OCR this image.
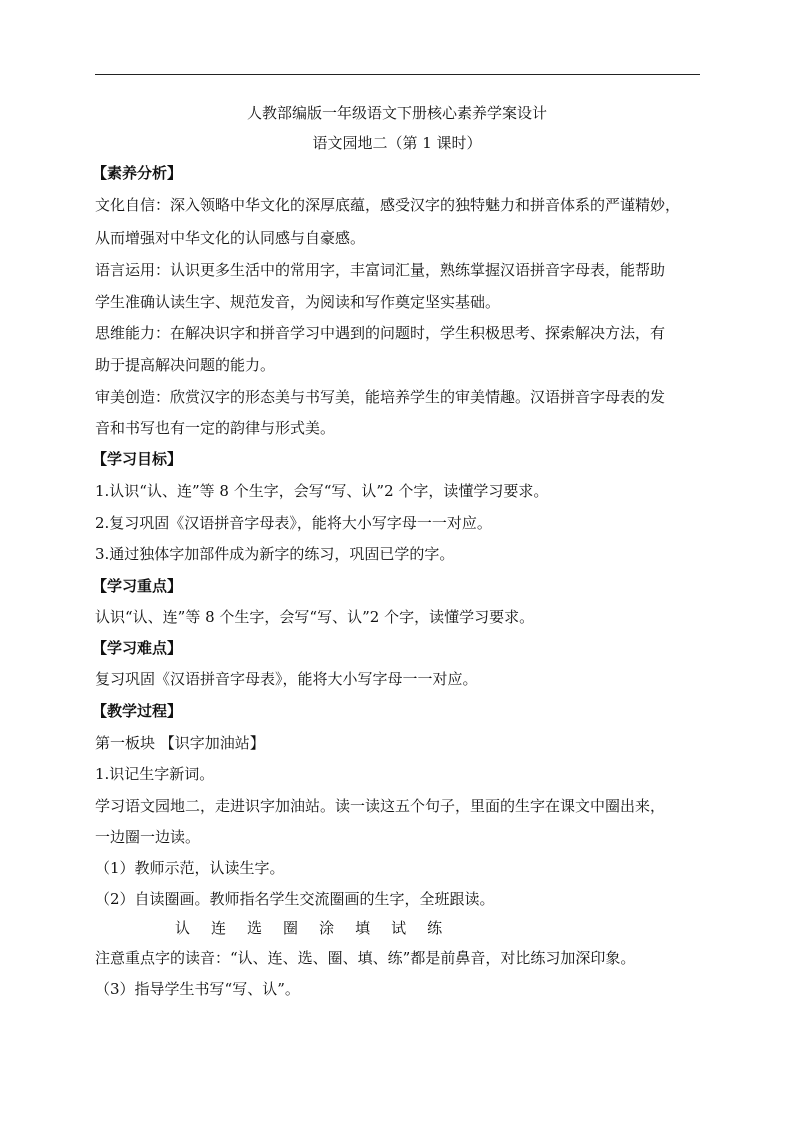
人教部编版一年级语文下册核心素养学案设计
语文园地二（第 1 课时）
【素养分析】
文化自信：深入领略中华文化的深厚底蕴，感受汉字的独特魅力和拼音体系的严谨精妙，
从而增强对中华文化的认同感与自豪感。
语言运用：认识更多生活中的常用字，丰富词汇量，熟练掌握汉语拼音字母表，能帮助
学生准确认读生字、规范发音，为阅读和写作奠定坚实基础。
思维能力：在解决识字和拼音学习中遇到的问题时，学生积极思考、探索解决方法，有
助于提高解决问题的能力。
审美创造：欣赏汉字的形态美与书写美，能培养学生的审美情趣。汉语拼音字母表的发
音和书写也有一定的韵律与形式美。
【学习目标】
1.认识“认、连”等 8 个生字，会写“写、认”2 个字，读懂学习要求。
2.复习巩固《汉语拼音字母表》，能将大小写字母一一对应。
3.通过独体字加部件成为新字的练习，巩固已学的字。
【学习重点】
认识“认、连”等 8 个生字，会写“写、认”2 个字，读懂学习要求。
【学习难点】
复习巩固《汉语拼音字母表》，能将大小写字母一一对应。
【教学过程】
第一板块 【识字加油站】
1.识记生字新词。
学习语文园地二，走进识字加油站。读一读这五个句子，里面的生字在课文中圈出来，
一边圈一边读。
（1）教师示范，认读生字。
（2）自读圈画。教师指名学生交流圈画的生字，全班跟读。
认 连 选 圈 涂 填 试 练
注意重点字的读音：“认、连、选、圈、填、练”都是前鼻音，对比练习加深印象。
（3）指导学生书写“写、认”。
